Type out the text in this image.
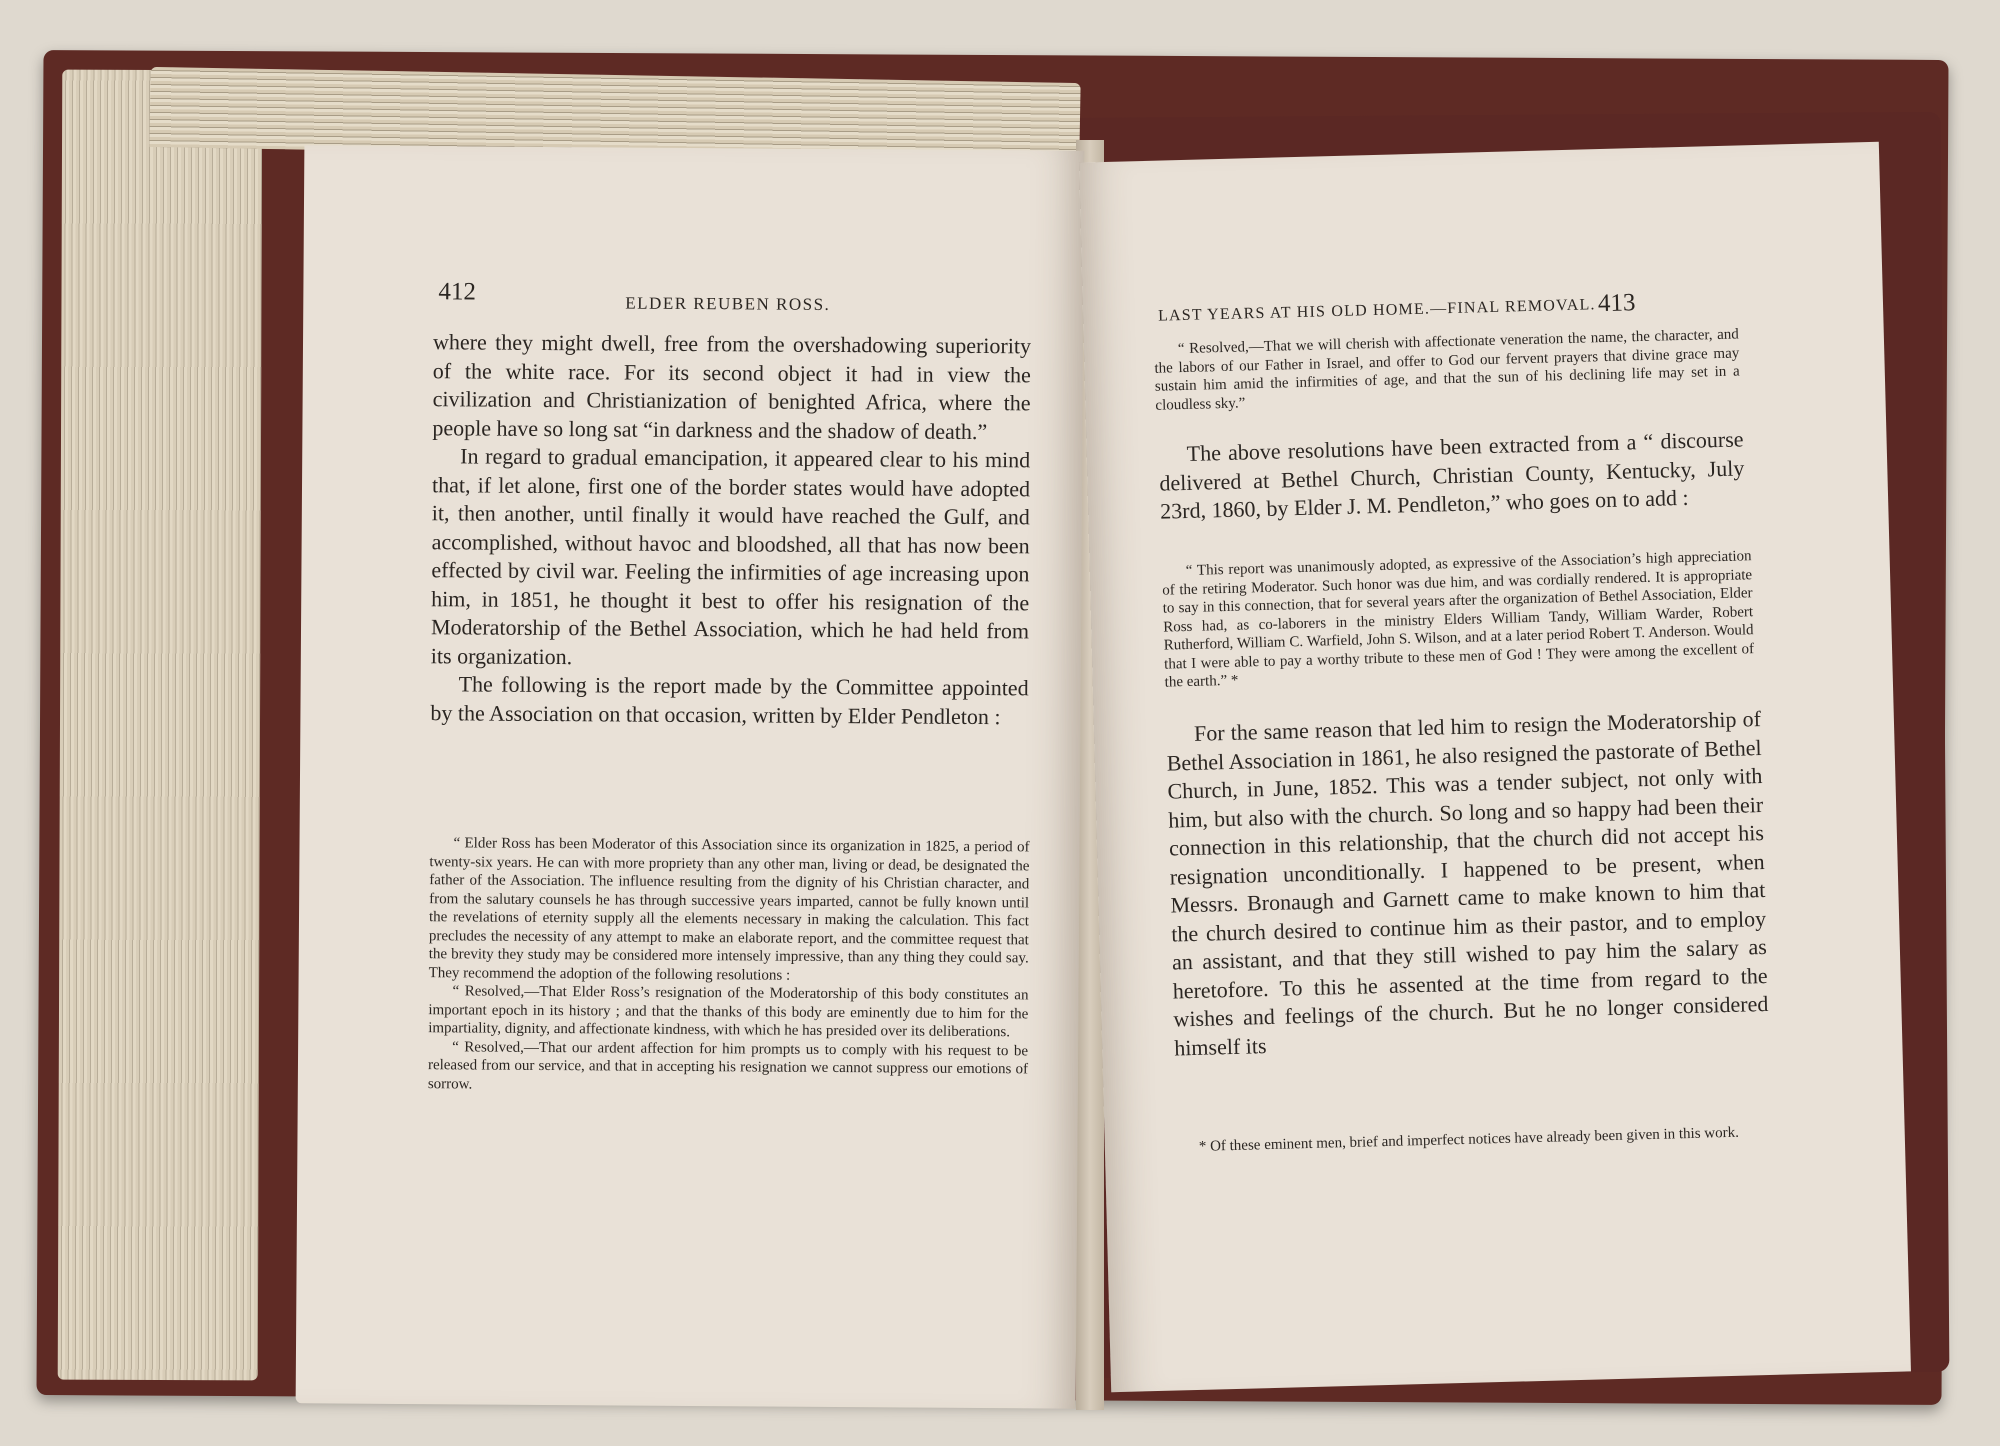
412	ELDER REUBEN ROSS.

where they might dwell, free from the overshadowing superiority of the white race. For its second object it had in view the civilization and Christianization of benighted Africa, where the people have so long sat “in darkness and the shadow of death.”

In regard to gradual emancipation, it appeared clear to his mind that, if let alone, first one of the border states would have adopted it, then another, until finally it would have reached the Gulf, and accomplished, without havoc and bloodshed, all that has now been effected by civil war. Feeling the infirmities of age increasing upon him, in 1851, he thought it best to offer his resignation of the Moderatorship of the Bethel Association, which he had held from its organization.

The following is the report made by the Committee appointed by the Association on that occasion, written by Elder Pendleton :

“ Elder Ross has been Moderator of this Association since its organization in 1825, a period of twenty-six years. He can with more propriety than any other man, living or dead, be designated the father of the Association. The influence resulting from the dignity of his Christian character, and from the salutary counsels he has through successive years imparted, cannot be fully known until the revelations of eternity supply all the elements necessary in making the calculation. This fact precludes the necessity of any attempt to make an elaborate report, and the committee request that the brevity they study may be considered more intensely impressive, than any thing they could say. They recommend the adoption of the following resolutions :

“ Resolved,—That Elder Ross’s resignation of the Moderatorship of this body constitutes an important epoch in its history ; and that the thanks of this body are eminently due to him for the impartiality, dignity, and affectionate kindness, with which he has presided over its deliberations.

“ Resolved,—That our ardent affection for him prompts us to comply with his request to be released from our service, and that in accepting his resignation we cannot suppress our emotions of sorrow.

LAST YEARS AT HIS OLD HOME.—FINAL REMOVAL. 413

“ Resolved,—That we will cherish with affectionate veneration the name, the character, and the labors of our Father in Israel, and offer to God our fervent prayers that divine grace may sustain him amid the infirmities of age, and that the sun of his declining life may set in a cloudless sky.”

The above resolutions have been extracted from a “ discourse delivered at Bethel Church, Christian County, Kentucky, July 23rd, 1860, by Elder J. M. Pendleton,” who goes on to add :

“ This report was unanimously adopted, as expressive of the Association’s high appreciation of the retiring Moderator. Such honor was due him, and was cordially rendered. It is appropriate to say in this connection, that for several years after the organization of Bethel Association, Elder Ross had, as co-laborers in the ministry Elders William Tandy, William Warder, Robert Rutherford, William C. Warfield, John S. Wilson, and at a later period Robert T. Anderson. Would that I were able to pay a worthy tribute to these men of God ! They were among the excellent of the earth.” *

For the same reason that led him to resign the Moderatorship of Bethel Association in 1861, he also resigned the pastorate of Bethel Church, in June, 1852. This was a tender subject, not only with him, but also with the church. So long and so happy had been their connection in this relationship, that the church did not accept his resignation unconditionally. I happened to be present, when Messrs. Bronaugh and Garnett came to make known to him that the church desired to continue him as their pastor, and to employ an assistant, and that they still wished to pay him the salary as heretofore. To this he assented at the time from regard to the wishes and feelings of the church. But he no longer considered himself its

* Of these eminent men, brief and imperfect notices have already been given in this work.
